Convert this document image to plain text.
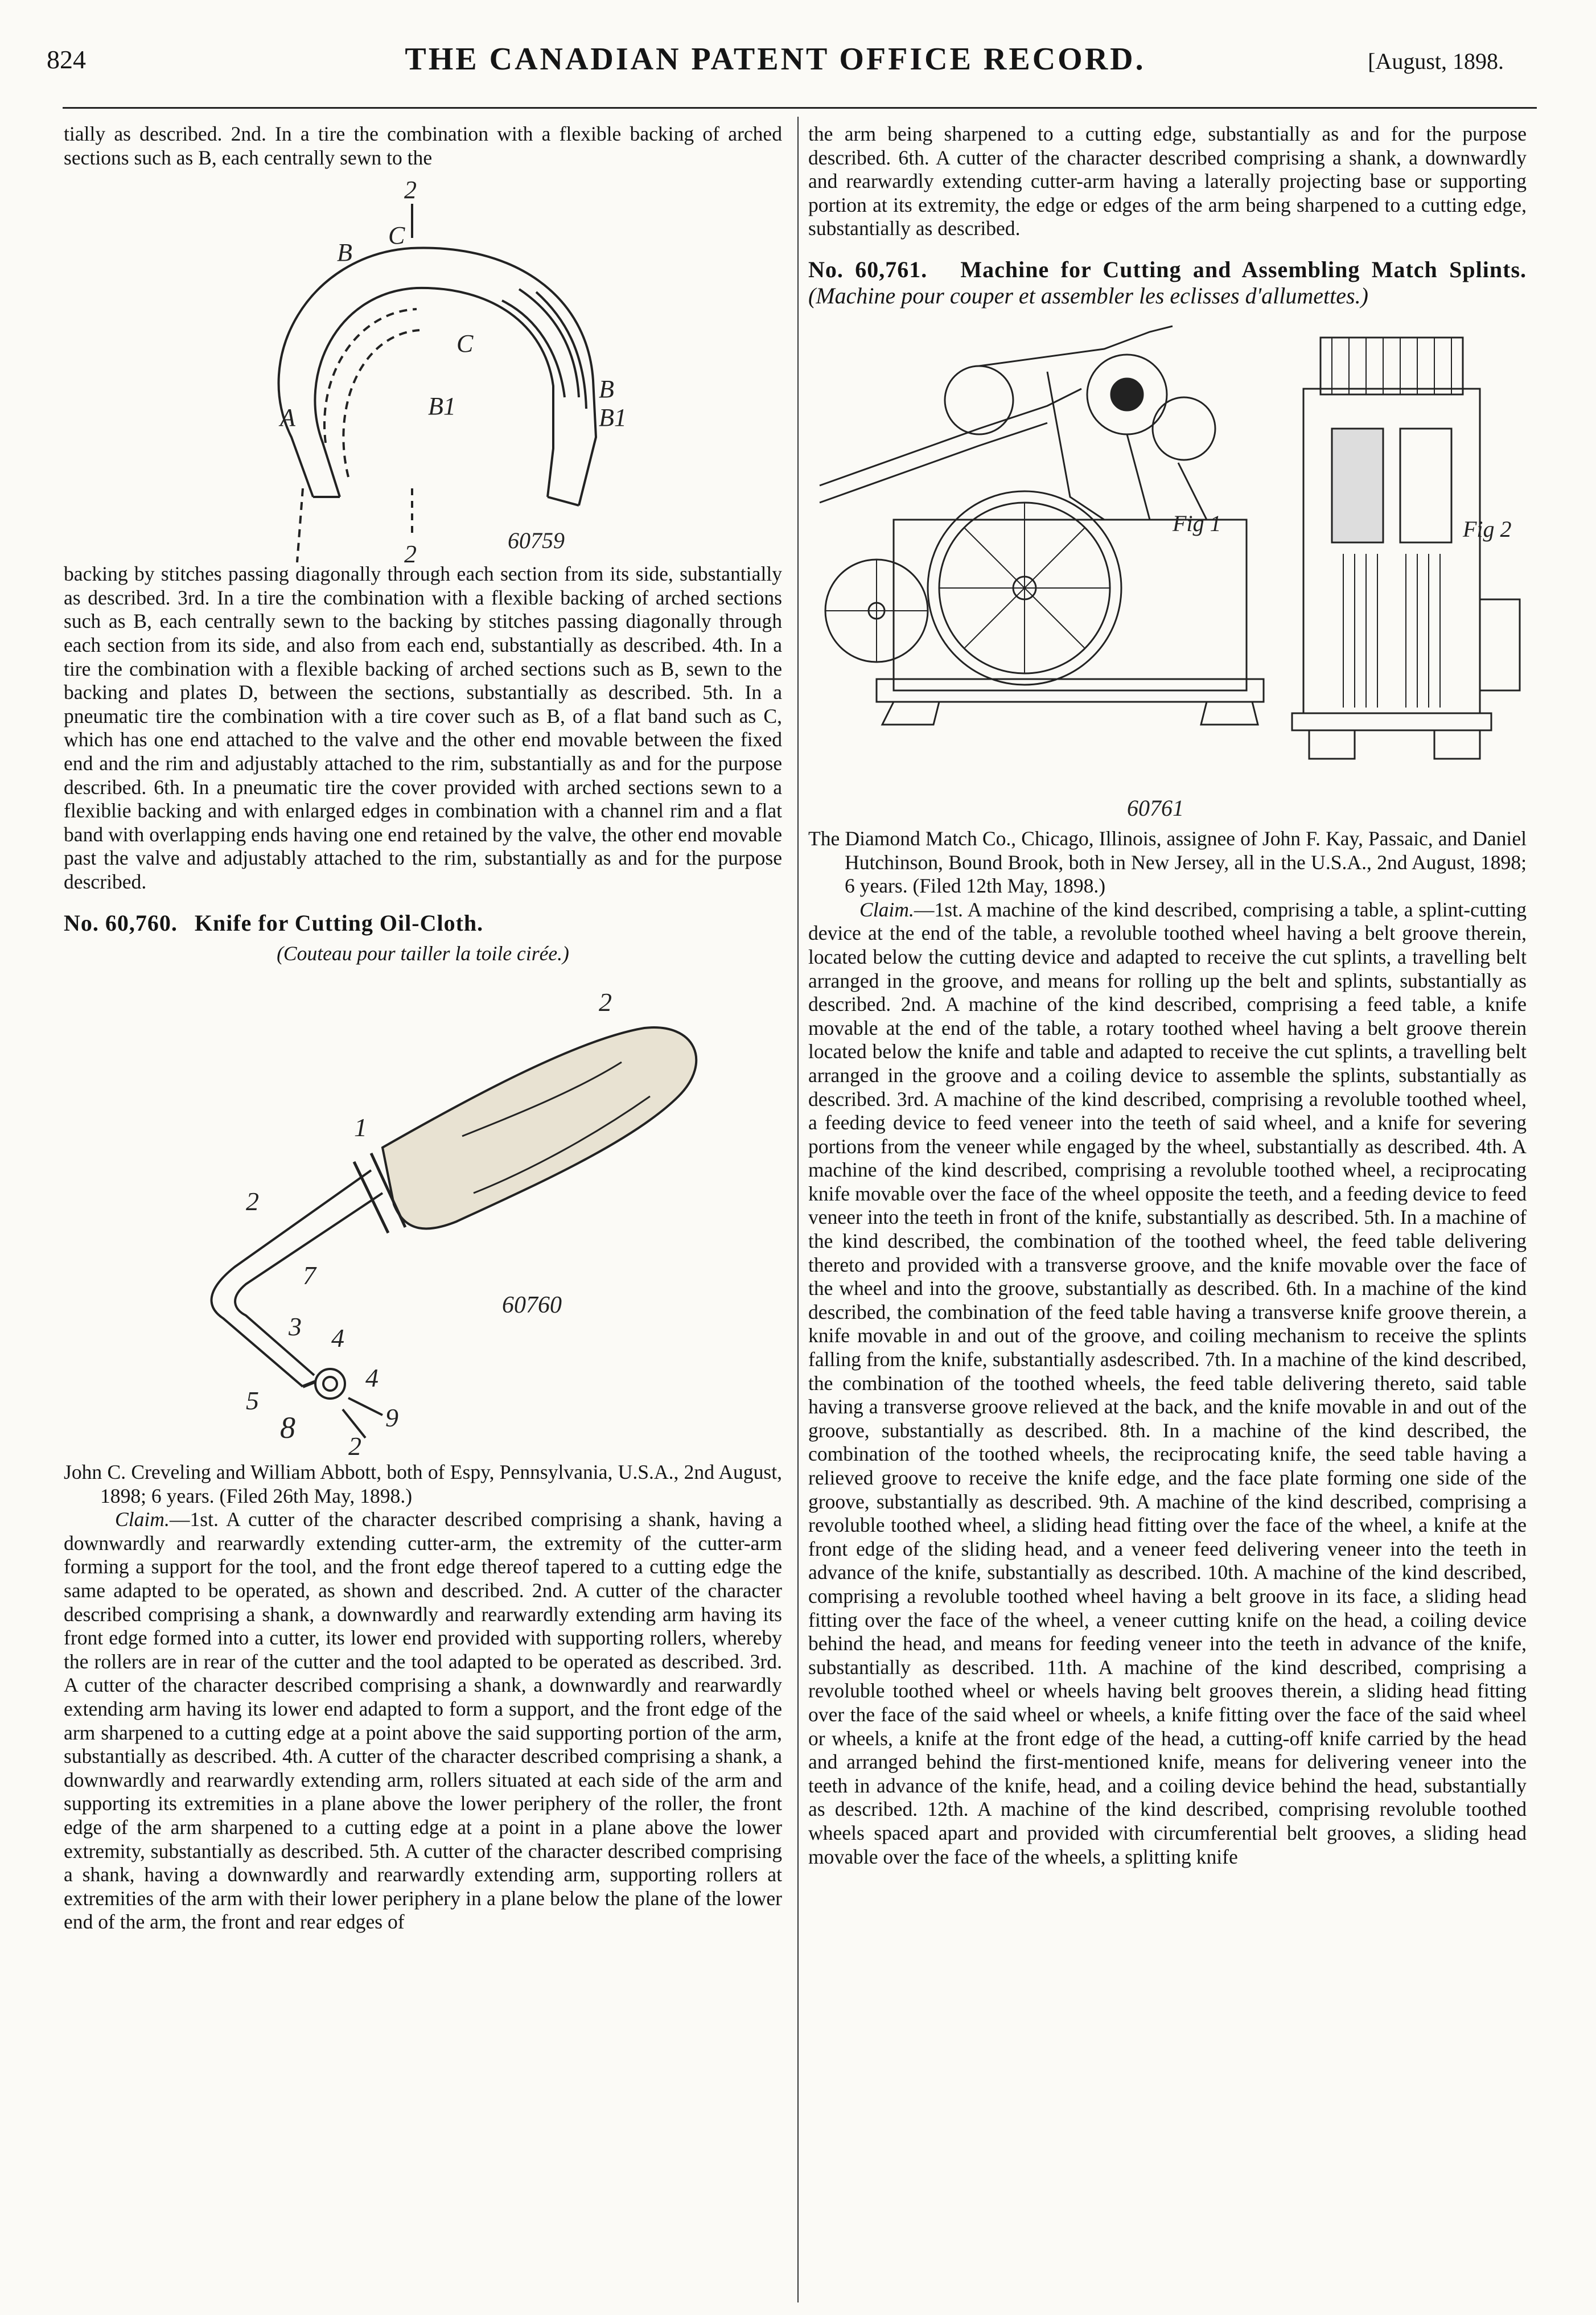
824	THE CANADIAN PATENT OFFICE RECORD.	[August, 1898.

tially as described. 2nd. In a tire the combination with a flexible backing of arched sections such as B, each centrally sewn to the

2
C
B
C
B
B1
A	B1
2	60759

backing by stitches passing diagonally through each section from its side, substantially as described. 3rd. In a tire the combination with a flexible backing of arched sections such as B, each centrally sewn to the backing by stitches passing diagonally through each section from its side, and also from each end, substantially as described. 4th. In a tire the combination with a flexible backing of arched sections such as B, sewn to the backing and plates D, between the sections, substantially as described. 5th. In a pneumatic tire the combination with a tire cover such as B, of a flat band such as C, which has one end attached to the valve and the other end movable between the fixed end and the rim and adjustably attached to the rim, substantially as and for the purpose described. 6th. In a pneumatic tire the cover provided with arched sections sewn to a flexiblie backing and with enlarged edges in combination with a channel rim and a flat band with overlapping ends having one end retained by the valve, the other end movable past the valve and adjustably attached to the rim, substantially as and for the purpose described.

No. 60,760. Knife for Cutting Oil-Cloth.

(Couteau pour tailler la toile cirée.)

2
1
2
7
3 4
4
5
8
2
9
60760

John C. Creveling and William Abbott, both of Espy, Pennsylvania, U.S.A., 2nd August, 1898; 6 years. (Filed 26th May, 1898.)

Claim.—1st. A cutter of the character described comprising a shank, having a downwardly and rearwardly extending cutter-arm, the extremity of the cutter-arm forming a support for the tool, and the front edge thereof tapered to a cutting edge the same adapted to be operated, as shown and described. 2nd. A cutter of the character described comprising a shank, a downwardly and rearwardly extending arm having its front edge formed into a cutter, its lower end provided with supporting rollers, whereby the rollers are in rear of the cutter and the tool adapted to be operated as described. 3rd. A cutter of the character described comprising a shank, a downwardly and rearwardly extending arm having its lower end adapted to form a support, and the front edge of the arm sharpened to a cutting edge at a point above the said supporting portion of the arm, substantially as described. 4th. A cutter of the character described comprising a shank, a downwardly and rearwardly extending arm, rollers situated at each side of the arm and supporting its extremities in a plane above the lower periphery of the roller, the front edge of the arm sharpened to a cutting edge at a point in a plane above the lower extremity, substantially as described. 5th. A cutter of the character described comprising a shank, having a downwardly and rearwardly extending arm, supporting rollers at extremities of the arm with their lower periphery in a plane below the plane of the lower end of the arm, the front and rear edges of

the arm being sharpened to a cutting edge, substantially as and for the purpose described. 6th. A cutter of the character described comprising a shank, a downwardly and rearwardly extending cutter-arm having a laterally projecting base or supporting portion at its extremity, the edge or edges of the arm being sharpened to a cutting edge, substantially as described.

No. 60,761. Machine for Cutting and Assembling Match Splints. (Machine pour couper et assembler les eclisses d'allumettes.)
Fig 1	Fig 2
60761

The Diamond Match Co., Chicago, Illinois, assignee of John F. Kay, Passaic, and Daniel Hutchinson, Bound Brook, both in New Jersey, all in the U.S.A., 2nd August, 1898; 6 years. (Filed 12th May, 1898.)

Claim.—1st. A machine of the kind described, comprising a table, a splint-cutting device at the end of the table, a revoluble toothed wheel having a belt groove therein, located below the cutting device and adapted to receive the cut splints, a travelling belt arranged in the groove, and means for rolling up the belt and splints, substantially as described. 2nd. A machine of the kind described, comprising a feed table, a knife movable at the end of the table, a rotary toothed wheel having a belt groove therein located below the knife and table and adapted to receive the cut splints, a travelling belt arranged in the groove and a coiling device to assemble the splints, substantially as described. 3rd. A machine of the kind described, comprising a revoluble toothed wheel, a feeding device to feed veneer into the teeth of said wheel, and a knife for severing portions from the veneer while engaged by the wheel, substantially as described. 4th. A machine of the kind described, comprising a revoluble toothed wheel, a reciprocating knife movable over the face of the wheel opposite the teeth, and a feeding device to feed veneer into the teeth in front of the knife, substantially as described. 5th. In a machine of the kind described, the combination of the toothed wheel, the feed table delivering thereto and provided with a transverse groove, and the knife movable over the face of the wheel and into the groove, substantially as described. 6th. In a machine of the kind described, the combination of the feed table having a transverse knife groove therein, a knife movable in and out of the groove, and coiling mechanism to receive the splints falling from the knife, substantially asdescribed. 7th. In a machine of the kind described, the combination of the toothed wheels, the feed table delivering thereto, said table having a transverse groove relieved at the back, and the knife movable in and out of the groove, substantially as described. 8th. In a machine of the kind described, the combination of the toothed wheels, the reciprocating knife, the seed table having a relieved groove to receive the knife edge, and the face plate forming one side of the groove, substantially as described. 9th. A machine of the kind described, comprising a revoluble toothed wheel, a sliding head fitting over the face of the wheel, a knife at the front edge of the sliding head, and a veneer feed delivering veneer into the teeth in advance of the knife, substantially as described. 10th. A machine of the kind described, comprising a revoluble toothed wheel having a belt groove in its face, a sliding head fitting over the face of the wheel, a veneer cutting knife on the head, a coiling device behind the head, and means for feeding veneer into the teeth in advance of the knife, substantially as described. 11th. A machine of the kind described, comprising a revoluble toothed wheel or wheels having belt grooves therein, a sliding head fitting over the face of the said wheel or wheels, a knife fitting over the face of the said wheel or wheels, a knife at the front edge of the head, a cutting-off knife carried by the head and arranged behind the first-mentioned knife, means for delivering veneer into the teeth in advance of the knife, head, and a coiling device behind the head, substantially as described. 12th. A machine of the kind described, comprising revoluble toothed wheels spaced apart and provided with circumferential belt grooves, a sliding head movable over the face of the wheels, a splitting knife
